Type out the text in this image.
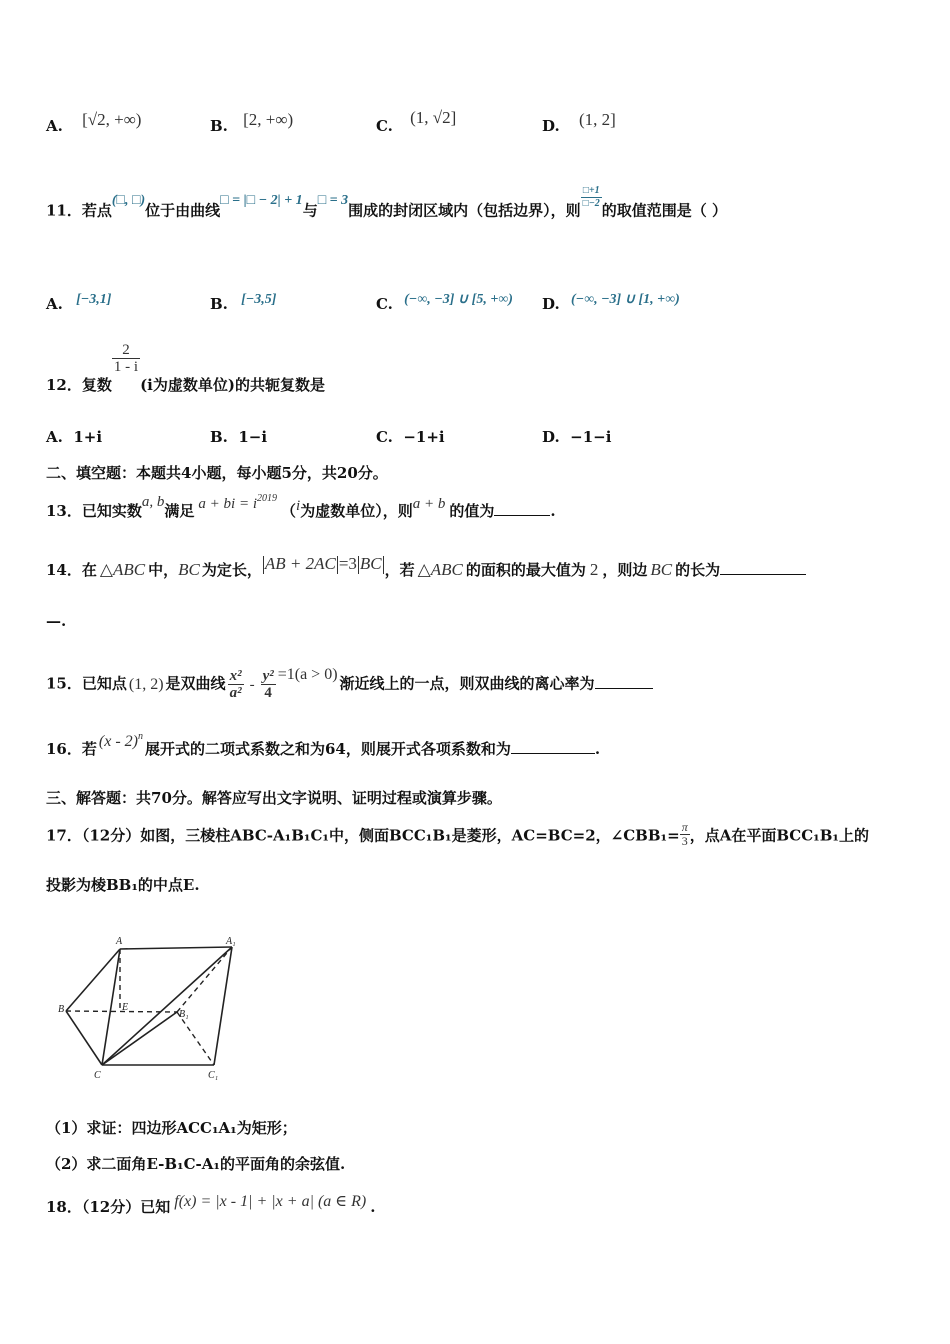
A. [√2, +∞)	B. [2, +∞)	C. (1, √2]	D. (1, 2]
11．若点(□, □)位于由曲线□ = |□ − 2| + 1与□ = 3围成的封闭区域内（包括边界），则
$\frac{□+1}{□-2}$
的取值范围是（ ）
A. [−3,1]	B. [−3,5]	C. (−∞, −3] ∪ [5, +∞) D. (−∞, −3] ∪ [1, +∞)
12．复数
$\frac{2}{1 - i}$
(i为虚数单位)的共轭复数是
A. 1+i	B. 1−i	C. −1+i	D. −1−i
二、填空题：本题共4小题，每小题5分，共20分。
13．已知实数a, b满足 a + bi = $i^{2019}(i$为虚数单位），则a + b 的值为	.
14．在 △ABC 中，BC 为定长， AB + 2AC =3 BC ，若 △ABC 的面积的最大值为 2 ，则边 BC 的长为
—.
15．已知点 (1, 2) 是双曲线 $\frac{\text{x²}}{\text{a²}} - \frac{\text{y²}}{4} =1(a > 0)$渐近线上的一点，则双曲线的离心率为
16．若 (x - 2)$^n$展开式的二项式系数之和为64，则展开式各项系数和为	.
三、解答题：共70分。解答应写出文字说明、证明过程或演算步骤。
17．（12分）如图，三棱柱ABC-A₁B₁C₁中，侧面BCC₁B₁是菱形，AC=BC=2，∠CBB₁= $\frac{\pi}{3}$ ，点A在平面BCC₁B₁上的
投影为棱BB₁的中点E.
A	A₁
B	E
B₁
C	C₁
（1）求证：四边形ACC₁A₁为矩形；
（2）求二面角E-B₁C-A₁的平面角的余弦值.
18．（12分）已知 f(x) = |x - 1| + |x + a| (a ∈ R) .
